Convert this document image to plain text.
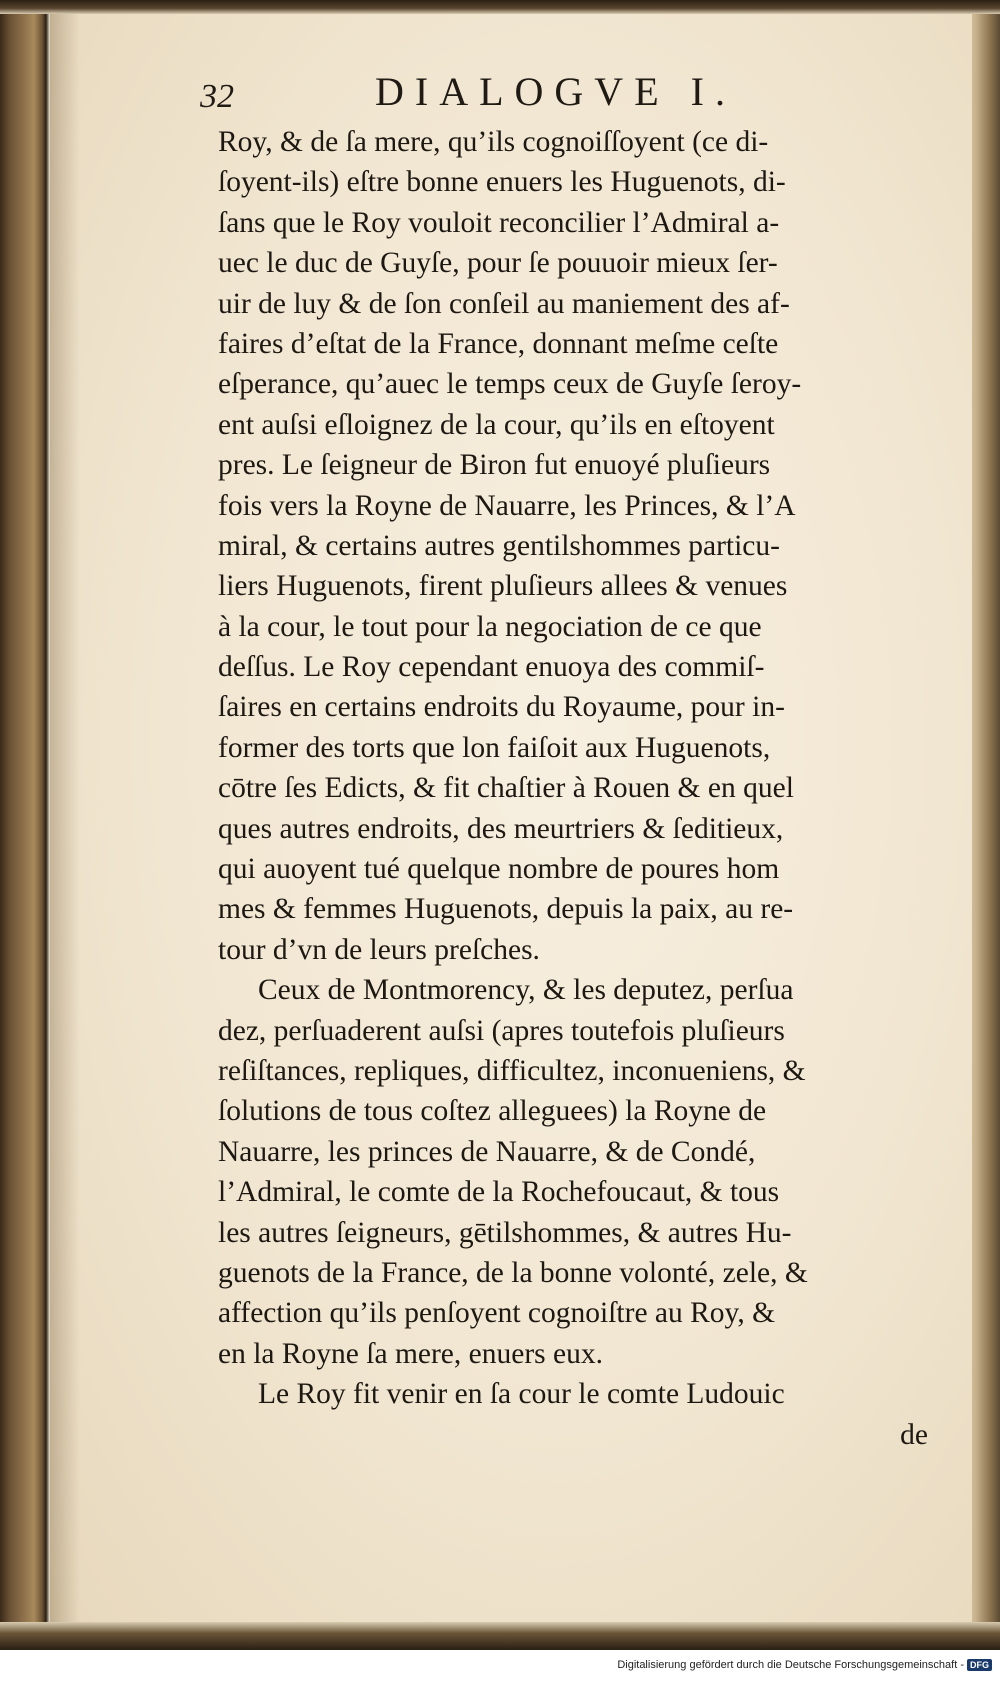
32	DIALOGVE I.
Roy, & de ſa mere, qu’ils cognoiſſoyent (ce di-
ſoyent-ils) eſtre bonne enuers les Huguenots, di-
ſans que le Roy vouloit reconcilier l’Admiral a-
uec le duc de Guyſe, pour ſe pouuoir mieux ſer-
uir de luy & de ſon conſeil au maniement des af-
faires d’eſtat de la France, donnant meſme ceſte
eſperance, qu’auec le temps ceux de Guyſe ſeroy-
ent auſsi eſloignez de la cour, qu’ils en eſtoyent
pres. Le ſeigneur de Biron fut enuoyé pluſieurs
fois vers la Royne de Nauarre, les Princes, & l’A
miral, & certains autres gentilshommes particu-
liers Huguenots, firent pluſieurs allees & venues
à la cour, le tout pour la negociation de ce que
deſſus. Le Roy cependant enuoya des commiſ-
ſaires en certains endroits du Royaume, pour in-
former des torts que lon faiſoit aux Huguenots,
cōtre ſes Edicts, & fit chaſtier à Rouen & en quel
ques autres endroits, des meurtriers & ſeditieux,
qui auoyent tué quelque nombre de poures hom
mes & femmes Huguenots, depuis la paix, au re-
tour d’vn de leurs preſches.
Ceux de Montmorency, & les deputez, perſua
dez, perſuaderent auſsi (apres toutefois pluſieurs
reſiſtances, repliques, difficultez, inconueniens, &
ſolutions de tous coſtez alleguees) la Royne de
Nauarre, les princes de Nauarre, & de Condé,
l’Admiral, le comte de la Rochefoucaut, & tous
les autres ſeigneurs, gētilshommes, & autres Hu-
guenots de la France, de la bonne volonté, zele, &
affection qu’ils penſoyent cognoiſtre au Roy, &
en la Royne ſa mere, enuers eux.
Le Roy fit venir en ſa cour le comte Ludouic
de
Digitalisierung gefördert durch die Deutsche Forschungsgemeinschaft - DFG
